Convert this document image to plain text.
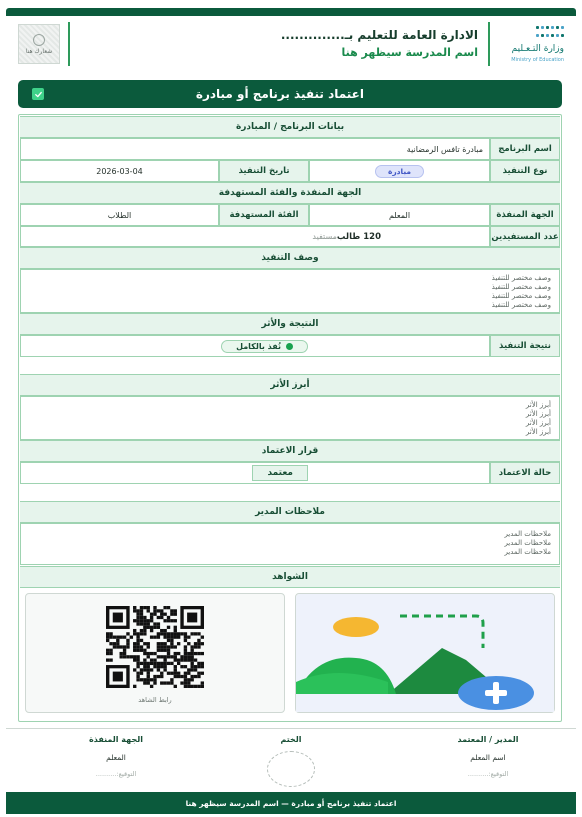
وزارة التـعـليم
Ministry of Education
الادارة العامة للتعليم بـ..............
اسم المدرسة سيظهر هنا
شعارك هنا
اعتماد تنفيذ برنامج أو مبادرة
بيانات البرنامج / المبادرة
اسم البرنامج
مبادرة تافس الرمضانية
نوع التنفيذ
مبادرة
تاريخ التنفيذ
2026-03-04
الجهة المنفذة والفئة المستهدفة
الجهة المنفذة
المعلم
الفئة المستهدفة
الطلاب
عدد المستفيدين
120 طالب
مستفيد
وصف التنفيذ
وصف مختصر للتنفيذ
وصف مختصر للتنفيذ
وصف مختصر للتنفيذ
وصف مختصر للتنفيذ
النتيجة والأثر
نتيجة التنفيذ
نُفذ بالكامل
أبرز الأثر
أبرز الأثر
أبرز الأثر
أبرز الأثر
أبرز الأثر
قرار الاعتماد
حالة الاعتماد
معتمد
ملاحظات المدير
ملاحظات المدير
ملاحظات المدير
ملاحظات المدير
الشواهد
رابط الشاهد
المدير / المعتمد
اسم المعلم
التوقيع:..........
الختم
الجهة المنفذة
المعلم
التوقيع:..........
اعتماد تنفيذ برنامج أو مبادرة — اسم المدرسة سيظهر هنا
